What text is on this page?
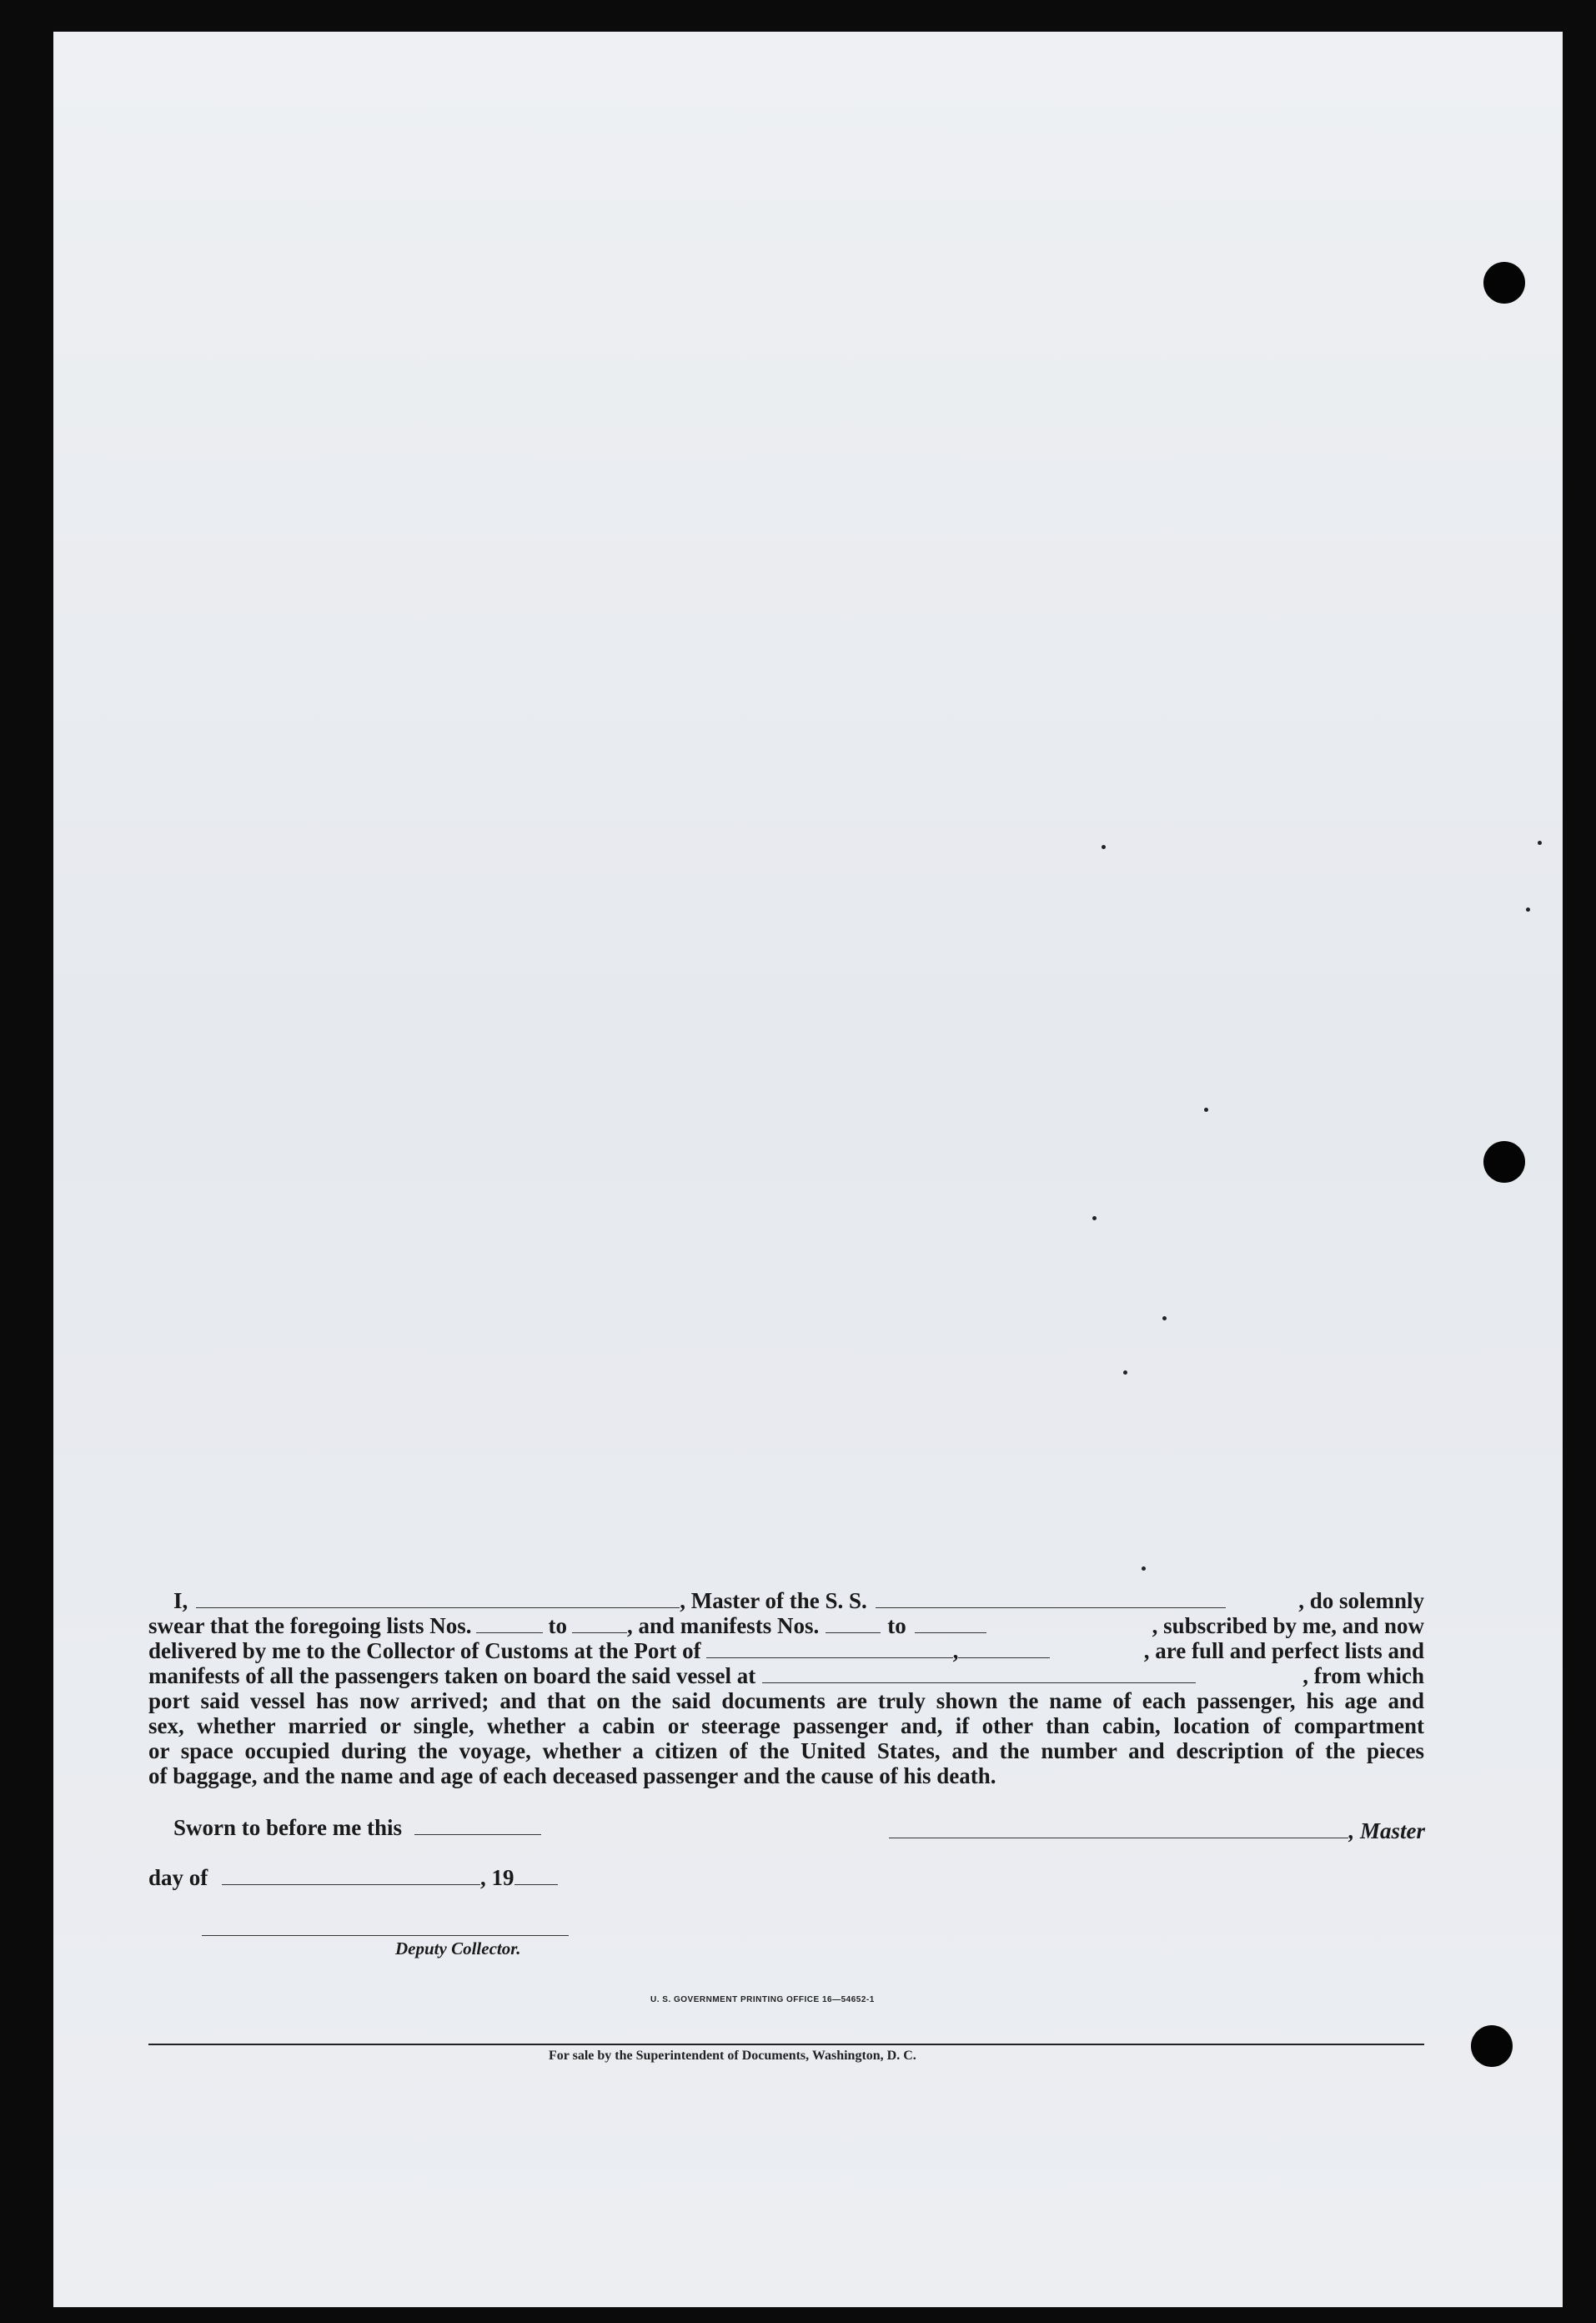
I,	, Master of the S. S.	, do solemnly
swear that the foregoing lists Nos.	to	, and manifests Nos.	to	, subscribed by me, and now
delivered by me to the Collector of Customs at the Port of	,	, are full and perfect lists and
manifests of all the passengers taken on board the said vessel at	, from which
port said vessel has now arrived; and that on the said documents are truly shown the name of each passenger, his age and
sex, whether married or single, whether a cabin or steerage passenger and, if other than cabin, location of compartment
or space occupied during the voyage, whether a citizen of the United States, and the number and description of the pieces
of baggage, and the name and age of each deceased passenger and the cause of his death.
Sworn to before me this	, Master
day of	, 19
Deputy Collector.
U. S. GOVERNMENT PRINTING OFFICE 16—54652-1
For sale by the Superintendent of Documents, Washington, D. C.
